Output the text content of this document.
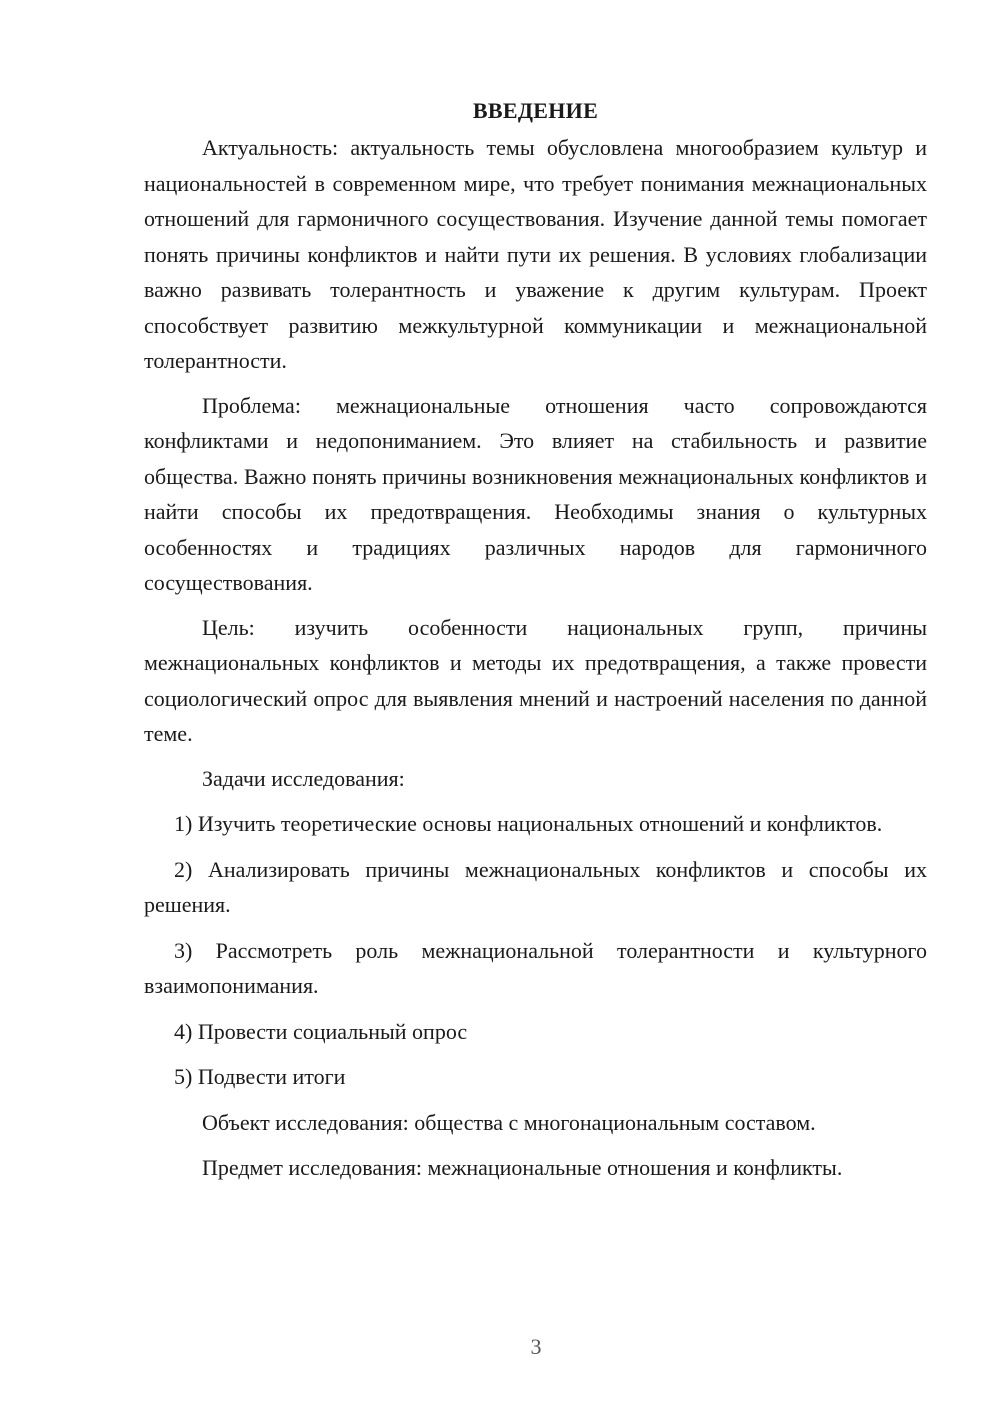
ВВЕДЕНИЕ

Актуальность: актуальность темы обусловлена многообразием культур и национальностей в современном мире, что требует понимания межнациональных отношений для гармоничного сосуществования. Изучение данной темы помогает понять причины конфликтов и найти пути их решения. В условиях глобализации важно развивать толерантность и уважение к другим культурам. Проект способствует развитию межкультурной коммуникации и межнациональной толерантности.

Проблема: межнациональные отношения часто сопровождаются конфликтами и недопониманием. Это влияет на стабильность и развитие общества. Важно понять причины возникновения межнациональных конфликтов и найти способы их предотвращения. Необходимы знания о культурных особенностях и традициях различных народов для гармоничного сосуществования.

Цель: изучить особенности национальных групп, причины межнациональных конфликтов и методы их предотвращения, а также провести социологический опрос для выявления мнений и настроений населения по данной теме.

Задачи исследования:

1) Изучить теоретические основы национальных отношений и конфликтов.

2) Анализировать причины межнациональных конфликтов и способы их решения.

3) Рассмотреть роль межнациональной толерантности и культурного взаимопонимания.

4) Провести социальный опрос

5) Подвести итоги

Объект исследования: общества с многонациональным составом.

Предмет исследования: межнациональные отношения и конфликты.

3
